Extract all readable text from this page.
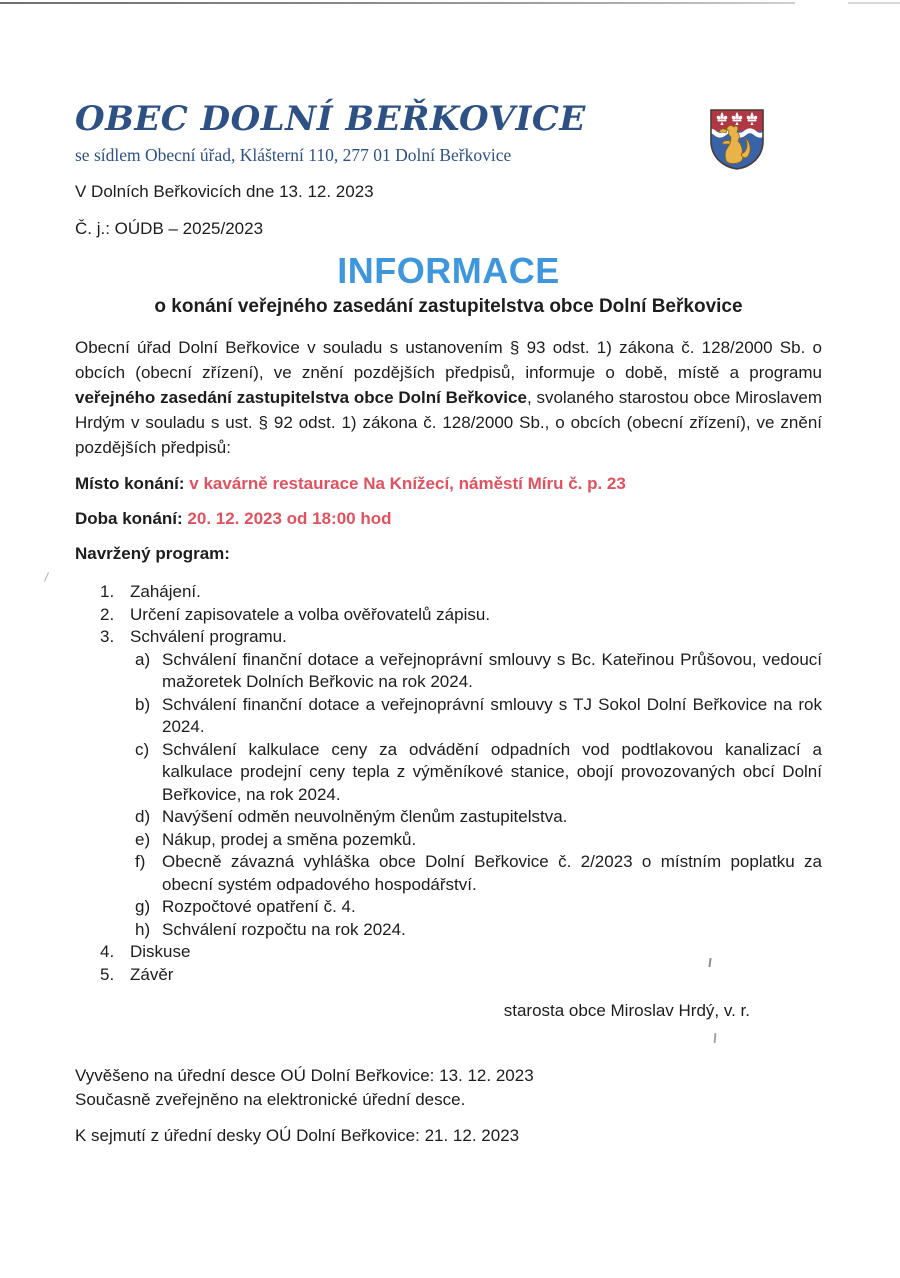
OBEC DOLNÍ BEŘKOVICE
se sídlem Obecní úřad, Klášterní 110, 277 01 Dolní Beřkovice
V Dolních Beřkovicích dne 13. 12. 2023
Č. j.: OÚDB – 2025/2023
INFORMACE
o konání veřejného zasedání zastupitelstva obce Dolní Beřkovice
Obecní úřad Dolní Beřkovice v souladu s ustanovením § 93 odst. 1) zákona č. 128/2000 Sb. o obcích (obecní zřízení), ve znění pozdějších předpisů, informuje o době, místě a programu veřejného zasedání zastupitelstva obce Dolní Beřkovice, svolaného starostou obce Miroslavem Hrdým v souladu s ust. § 92 odst. 1) zákona č. 128/2000 Sb., o obcích (obecní zřízení), ve znění pozdějších předpisů:
Místo konání: v kavárně restaurace Na Knížecí, náměstí Míru č. p. 23
Doba konání: 20. 12. 2023 od 18:00 hod
Navržený program:
1. Zahájení.
2. Určení zapisovatele a volba ověřovatelů zápisu.
3. Schválení programu.
a) Schválení finanční dotace a veřejnoprávní smlouvy s Bc. Kateřinou Průšovou, vedoucí mažoretek Dolních Beřkovic na rok 2024.
b) Schválení finanční dotace a veřejnoprávní smlouvy s TJ Sokol Dolní Beřkovice na rok 2024.
c) Schválení kalkulace ceny za odvádění odpadních vod podtlakovou kanalizací a kalkulace prodejní ceny tepla z výměníkové stanice, obojí provozovaných obcí Dolní Beřkovice, na rok 2024.
d) Navýšení odměn neuvolněným členům zastupitelstva.
e) Nákup, prodej a směna pozemků.
f) Obecně závazná vyhláška obce Dolní Beřkovice č. 2/2023 o místním poplatku za obecní systém odpadového hospodářství.
g) Rozpočtové opatření č. 4.
h) Schválení rozpočtu na rok 2024.
4. Diskuse
5. Závěr
starosta obce Miroslav Hrdý, v. r.
Vyvěšeno na úřední desce OÚ Dolní Beřkovice: 13. 12. 2023
Současně zveřejněno na elektronické úřední desce.
K sejmutí z úřední desky OÚ Dolní Beřkovice: 21. 12. 2023
